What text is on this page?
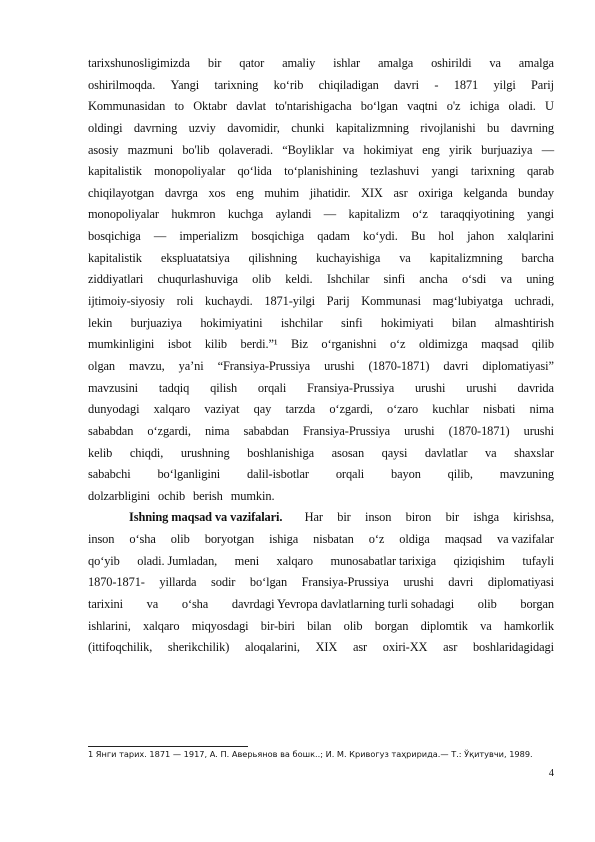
tarixshunosligimizda bir qator amaliy ishlar amalga oshirildi va amalga
oshirilmoqda. Yangi tarixning ko‘rib chiqiladigan davri - 1871 yilgi Parij
Kommunasidan to Oktabr davlat to'ntarishigacha bo‘lgan vaqtni o'z ichiga oladi. U
oldingi davrning uzviy davomidir, chunki kapitalizmning rivojlanishi bu davrning
asosiy mazmuni bo'lib qolaveradi. “Boyliklar va hokimiyat eng yirik burjuaziya —
kapitalistik monopoliyalar qo‘lida to‘planishining tezlashuvi yangi tarixning qarab
chiqilayotgan davrga xos eng muhim jihatidir. XIX asr oxiriga kelganda bunday
monopoliyalar hukmron kuchga aylandi — kapitalizm o‘z taraqqiyotining yangi
bosqichiga — imperializm bosqichiga qadam ko‘ydi. Bu hol jahon xalqlarini
kapitalistik ekspluatatsiya qilishning kuchayishiga va kapitalizmning barcha
ziddiyatlari chuqurlashuviga olib keldi. Ishchilar sinfi ancha o‘sdi va uning
ijtimoiy-siyosiy roli kuchaydi. 1871-yilgi Parij Kommunasi mag‘lubiyatga uchradi,
lekin burjuaziya hokimiyatini ishchilar sinfi hokimiyati bilan almashtirish
mumkinligini isbot kilib berdi.”¹ Biz o‘rganishni o‘z oldimizga maqsad qilib
olgan mavzu, ya’ni “Fransiya-Prussiya urushi (1870-1871) davri diplomatiyasi”
mavzusini tadqiq qilish orqali Fransiya-Prussiya urushi urushi davrida
dunyodagi xalqaro vaziyat qay tarzda o‘zgardi, o‘zaro kuchlar nisbati nima
sababdan o‘zgardi, nima sababdan Fransiya-Prussiya urushi (1870-1871) urushi
kelib chiqdi, urushning boshlanishiga asosan qaysi davlatlar va shaxslar
sababchi bo‘lganligini dalil-isbotlar orqali bayon qilib, mavzuning
dolzarbligini ochib berish mumkin.
Ishning maqsad va vazifalari. Har bir inson biron bir ishga kirishsa,
inson o‘sha olib boryotgan ishiga nisbatan o‘z oldiga maqsad va vazifalar
qo‘yib oladi. Jumladan, meni xalqaro munosabatlar tarixiga qiziqishim tufayli
1870-1871- yillarda sodir bo‘lgan Fransiya-Prussiya urushi davri diplomatiyasi
tarixini va o‘sha davrdagi Yevropa davlatlarning turli sohadagi olib borgan
ishlarini, xalqaro miqyosdagi bir-biri bilan olib borgan diplomtik va hamkorlik
(ittifoqchilik, sherikchilik) aloqalarini, XIX asr oxiri-XX asr boshlaridagidagi
1 Янги тарих. 1871 — 1917, А. П. Аверьянов ва бошк..; И. М. Кривогуз таҳририда.— Т.: Ўқитувчи, 1989.
4
